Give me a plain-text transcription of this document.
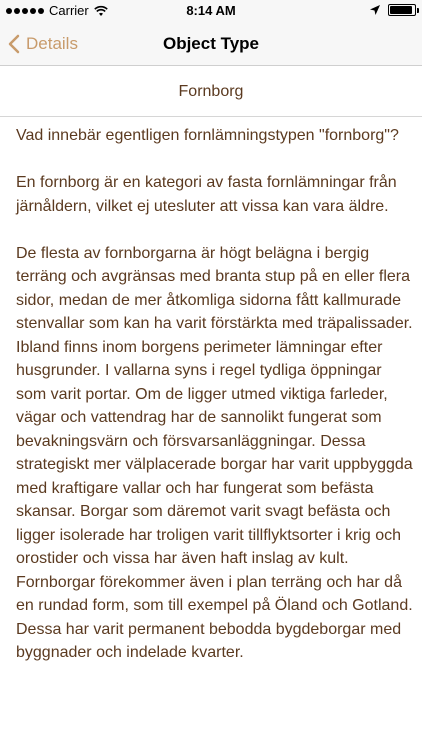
Carrier	8:14 AM
Details	Object Type
Fornborg

Vad innebär egentligen fornlämningstypen "fornborg"?

En fornborg är en kategori av fasta fornlämningar från järnåldern, vilket ej utesluter att vissa kan vara äldre.

De flesta av fornborgarna är högt belägna i bergig terräng och avgränsas med branta stup på en eller flera sidor, medan de mer åtkomliga sidorna fått kallmurade stenvallar som kan ha varit förstärkta med träpalissader. Ibland finns inom borgens perimeter lämningar efter husgrunder. I vallarna syns i regel tydliga öppningar som varit portar. Om de ligger utmed viktiga farleder, vägar och vattendrag har de sannolikt fungerat som bevakningsvärn och försvarsanläggningar. Dessa strategiskt mer välplacerade borgar har varit uppbyggda med kraftigare vallar och har fungerat som befästa skansar. Borgar som däremot varit svagt befästa och ligger isolerade har troligen varit tillflyktsorter i krig och orostider och vissa har även haft inslag av kult. Fornborgar förekommer även i plan terräng och har då en rundad form, som till exempel på Öland och Gotland. Dessa har varit permanent bebodda bygdeborgar med byggnader och indelade kvarter.
